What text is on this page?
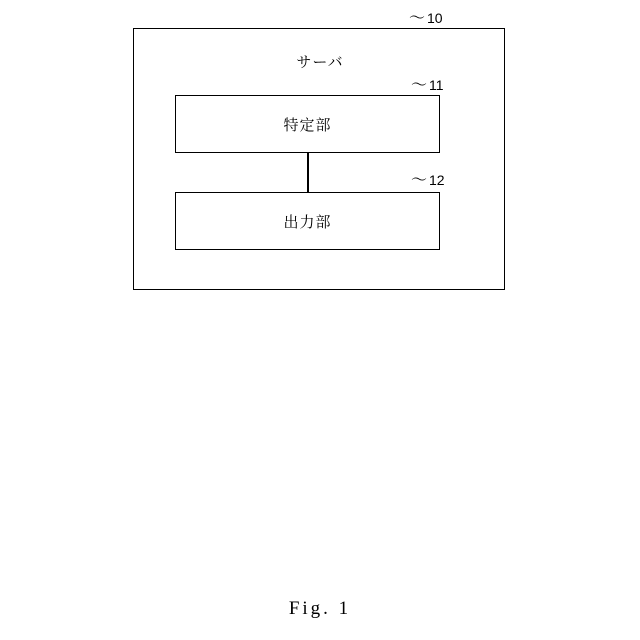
サーバ
〜 10
特定部
〜 11
出力部
〜 12
Fig. 1
